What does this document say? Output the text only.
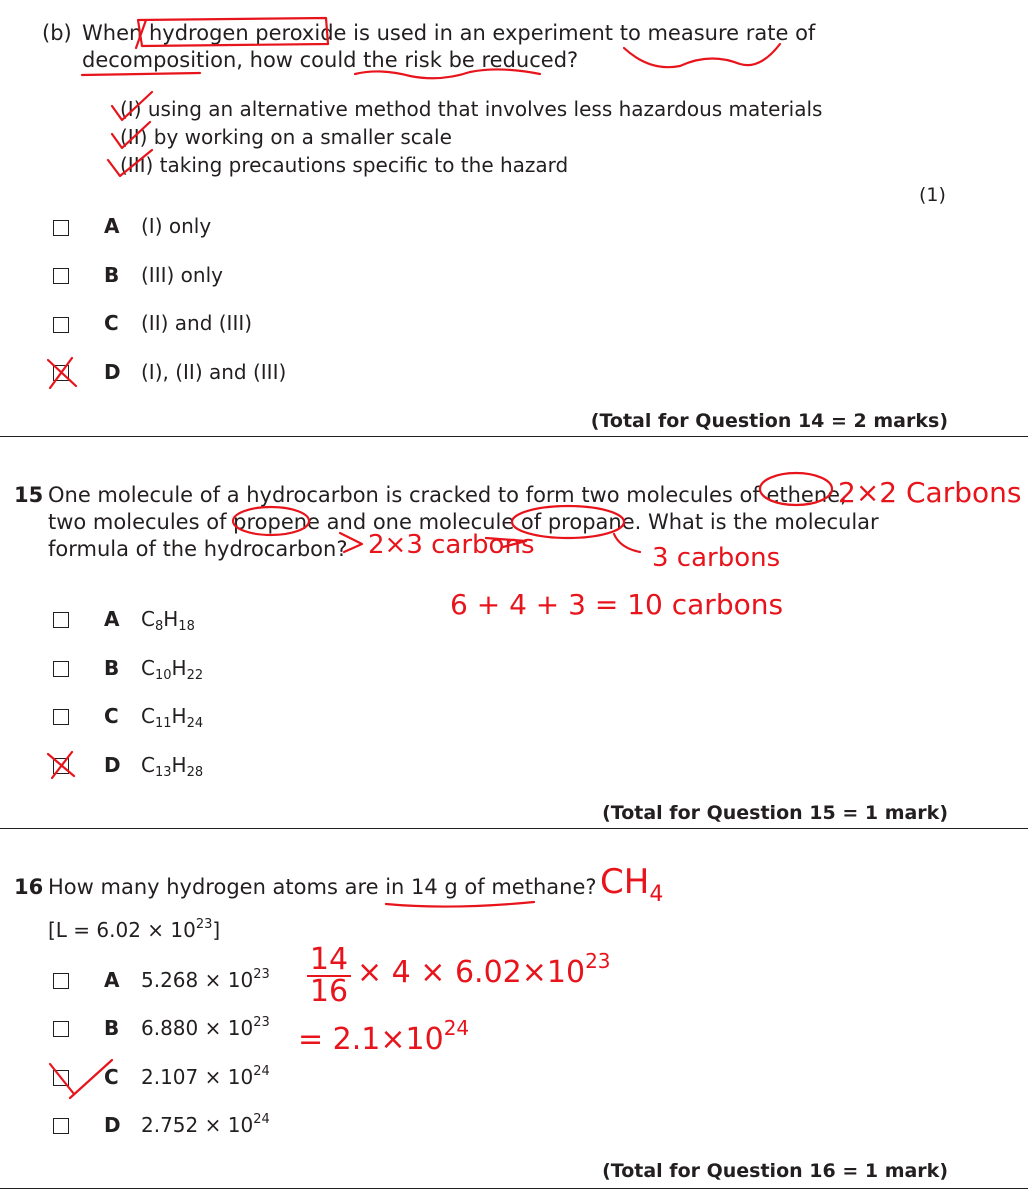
(b) When hydrogen peroxide is used in an experiment to measure rate of
decomposition, how could the risk be reduced?
(I) using an alternative method that involves less hazardous materials
(II) by working on a smaller scale
(III) taking precautions specific to the hazard
(1)
A (I) only
B (III) only
C (II) and (III)
D (I), (II) and (III)
(Total for Question 14 = 2 marks)
15 One molecule of a hydrocarbon is cracked to form two molecules of ethene,
two molecules of propene and one molecule of propane. What is the molecular
formula of the hydrocarbon?
A $C_8H_{18}$
B $C_{10}H_{22}$
C $C_{11}H_{24}$
D $C_{13}H_{28}$
(Total for Question 15 = 1 mark)
16 How many hydrogen atoms are in 14 g of methane?
$[L = 6.02 \times 10^{23}]$
A $5.268 \times 10^{23}$
B $6.880 \times 10^{23}$
C $2.107 \times 10^{24}$
D $2.752 \times 10^{24}$
(Total for Question 16 = 1 mark)
2×2 Carbons
2×3 carbons	3 carbons
6 + 4 + 3 = 10 carbons
$CH_4$
$\frac{14}{16} \times 4 \times 6.02\times 10^{23}$
= $2.1\times 10^{24}$
